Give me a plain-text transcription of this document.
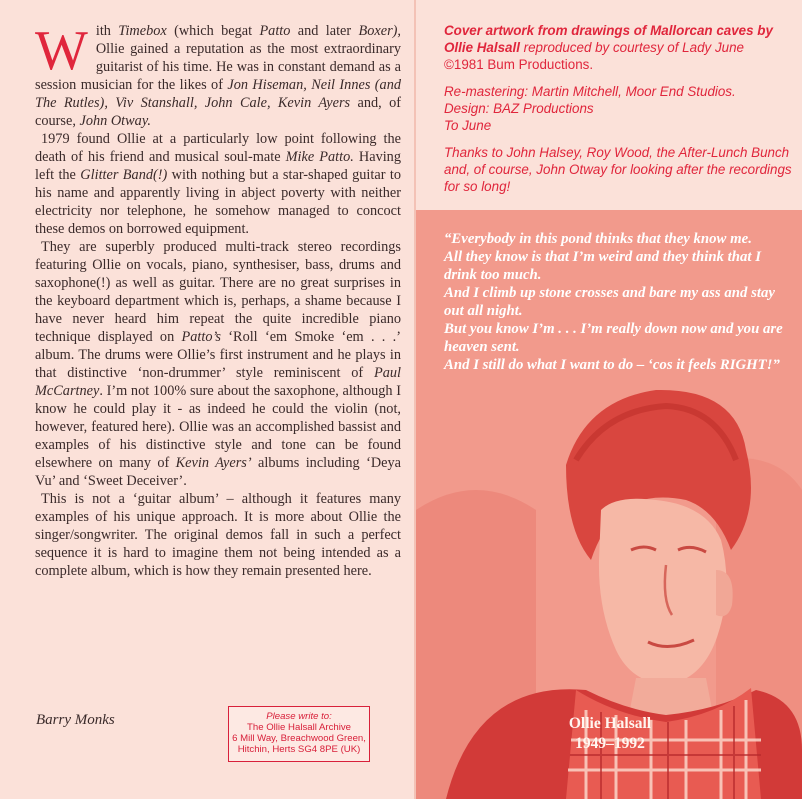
With Timebox (which begat Patto and later Boxer), Ollie gained a reputation as the most extraordinary guitarist of his time. He was in constant demand as a session musician for the likes of Jon Hiseman, Neil Innes (and The Rutles), Viv Stanshall, John Cale, Kevin Ayers and, of course, John Otway.

1979 found Ollie at a particularly low point following the death of his friend and musical soul-mate Mike Patto. Having left the Glitter Band(!) with nothing but a star-shaped guitar to his name and apparently living in abject poverty with neither electricity nor telephone, he somehow managed to concoct these demos on borrowed equipment.

They are superbly produced multi-track stereo recordings featuring Ollie on vocals, piano, synthesiser, bass, drums and saxophone(!) as well as guitar. There are no great surprises in the keyboard department which is, perhaps, a shame because I have never heard him repeat the quite incredible piano technique displayed on Patto’s ‘Roll ‘em Smoke ‘em . . .’ album. The drums were Ollie’s first instrument and he plays in that distinctive ‘non-drummer’ style reminiscent of Paul McCartney. I’m not 100% sure about the saxophone, although I know he could play it - as indeed he could the violin (not, however, featured here). Ollie was an accomplished bassist and examples of his distinctive style and tone can be found elsewhere on many of Kevin Ayers’ albums including ‘Deya Vu’ and ‘Sweet Deceiver’.

This is not a ‘guitar album’ – although it features many examples of his unique approach. It is more about Ollie the singer/songwriter. The original demos fall in such a perfect sequence it is hard to imagine them not being intended as a complete album, which is how they remain presented here.

Barry Monks	Please write to:
The Ollie Halsall Archive
6 Mill Way, Breachwood Green,
Hitchin, Herts SG4 8PE (UK)

Cover artwork from drawings of Mallorcan caves by Ollie Halsall reproduced by courtesy of Lady June
©1981 Bum Productions.

Re-mastering: Martin Mitchell, Moor End Studios.
Design: BAZ Productions
To June

Thanks to John Halsey, Roy Wood, the After-Lunch Bunch and, of course, John Otway for looking after the recordings for so long!

“Everybody in this pond thinks that they know me.
All they know is that I’m weird and they think that I drink too much.
And I climb up stone crosses and bare my ass and stay out all night.
But you know I’m . . . I’m really down now and you are heaven sent.
And I still do what I want to do – ‘cos it feels RIGHT!”
Ollie Halsall
1949–1992
